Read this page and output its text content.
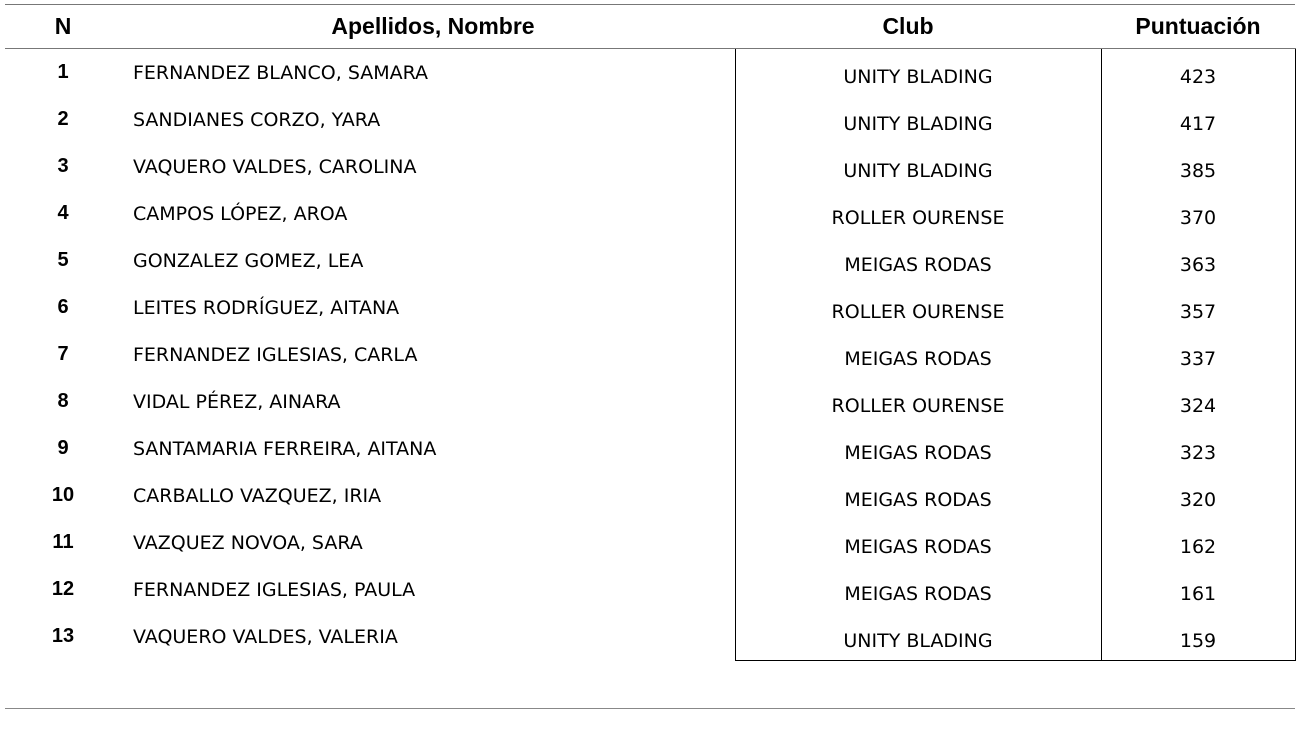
N	Apellidos, Nombre	Club	Puntuación
1	FERNANDEZ BLANCO, SAMARA	UNITY BLADING	423
2	SANDIANES CORZO, YARA	UNITY BLADING	417
3	VAQUERO VALDES, CAROLINA	UNITY BLADING	385
4	CAMPOS LÓPEZ, AROA	ROLLER OURENSE	370
5	GONZALEZ GOMEZ, LEA	MEIGAS RODAS	363
6	LEITES RODRÍGUEZ, AITANA	ROLLER OURENSE	357
7	FERNANDEZ IGLESIAS, CARLA	MEIGAS RODAS	337
8	VIDAL PÉREZ, AINARA	ROLLER OURENSE	324
9	SANTAMARIA FERREIRA, AITANA	MEIGAS RODAS	323
10	CARBALLO VAZQUEZ, IRIA	MEIGAS RODAS	320
11	VAZQUEZ NOVOA, SARA	MEIGAS RODAS	162
12	FERNANDEZ IGLESIAS, PAULA	MEIGAS RODAS	161
13	VAQUERO VALDES, VALERIA	UNITY BLADING	159
